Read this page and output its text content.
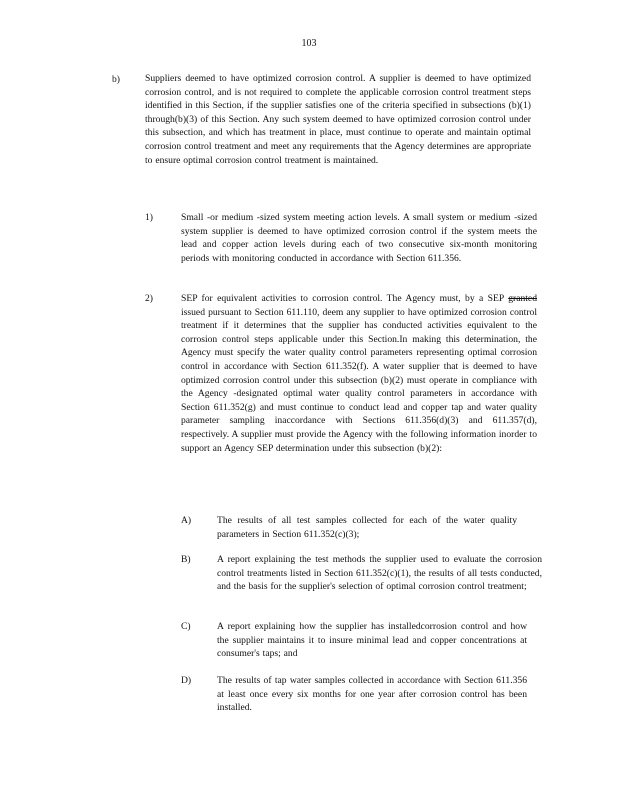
103
b)	Suppliers deemed to have optimized corrosion control. A supplier is deemed to have optimized corrosion control, and is not required to complete the applicable corrosion control treatment steps identified in this Section, if the supplier satisfies one of the criteria specified in subsections (b)(1) through(b)(3) of this Section. Any such system deemed to have optimized corrosion control under this subsection, and which has treatment in place, must continue to operate and maintain optimal corrosion control treatment and meet any requirements that the Agency determines are appropriate to ensure optimal corrosion control treatment is maintained.
1)	Small -or medium -sized system meeting action levels. A small system or medium -sized system supplier is deemed to have optimized corrosion control if the system meets the lead and copper action levels during each of two consecutive six-month monitoring periods with monitoring conducted in accordance with Section 611.356.
2)	SEP for equivalent activities to corrosion control. The Agency must, by a SEP granted issued pursuant to Section 611.110, deem any supplier to have optimized corrosion control treatment if it determines that the supplier has conducted activities equivalent to the corrosion control steps applicable under this Section.In making this determination, the Agency must specify the water quality control parameters representing optimal corrosion control in accordance with Section 611.352(f). A water supplier that is deemed to have optimized corrosion control under this subsection (b)(2) must operate in compliance with the Agency -designated optimal water quality control parameters in accordance with Section 611.352(g) and must continue to conduct lead and copper tap and water quality parameter sampling inaccordance with Sections 611.356(d)(3) and 611.357(d), respectively. A supplier must provide the Agency with the following information inorder to support an Agency SEP determination under this subsection (b)(2):
A)	The results of all test samples collected for each of the water quality parameters in Section 611.352(c)(3);
B)	A report explaining the test methods the supplier used to evaluate the corrosion control treatments listed in Section 611.352(c)(1), the results of all tests conducted, and the basis for the supplier's selection of optimal corrosion control treatment;
C)	A report explaining how the supplier has installedcorrosion control and how the supplier maintains it to insure minimal lead and copper concentrations at consumer's taps; and
D)	The results of tap water samples collected in accordance with Section 611.356 at least once every six months for one year after corrosion control has been installed.
